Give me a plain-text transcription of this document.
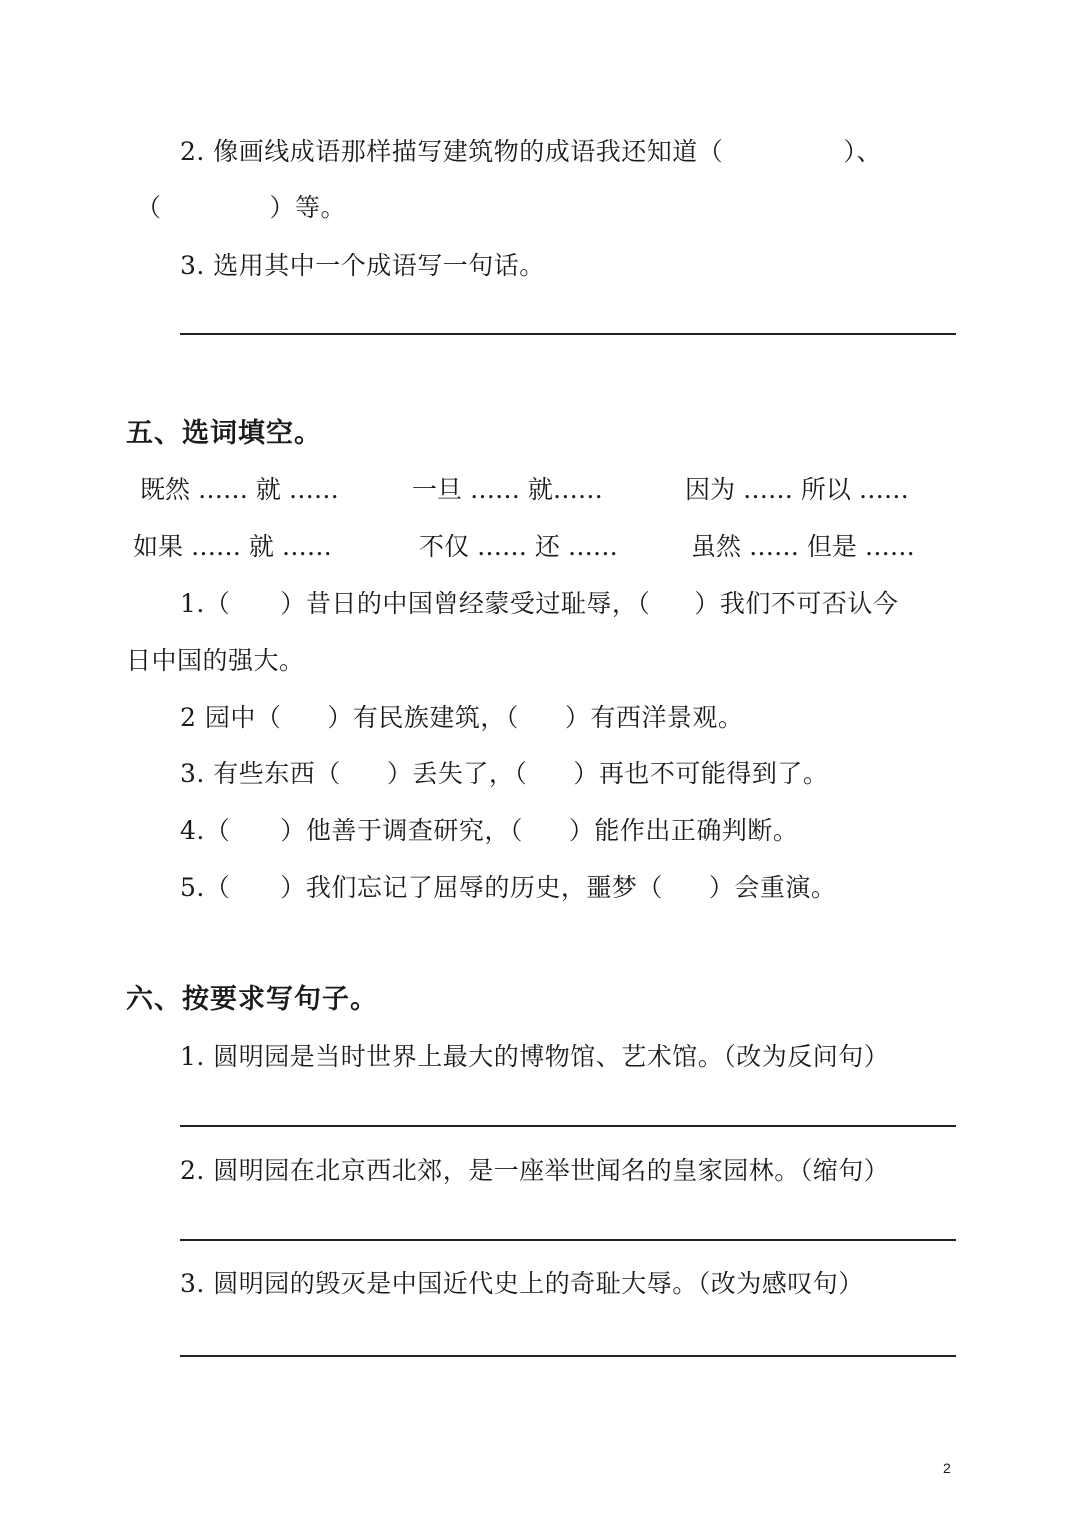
2. 像画线成语那样描写建筑物的成语我还知道（	）、
（	）等。
3. 选用其中一个成语写一句话。
五、选词填空。
既然 …… 就 ……	一旦 …… 就……	因为 …… 所以 ……
如果 …… 就 ……	不仅 …… 还 ……	虽然 …… 但是 ……
1.（ ）昔日的中国曾经蒙受过耻辱，（ ）我们不可否认今
日中国的强大。
2 园中（ ）有民族建筑，（ ）有西洋景观。
3. 有些东西（ ）丢失了，（ ）再也不可能得到了。
4.（ ）他善于调查研究，（ ）能作出正确判断。
5.（ ）我们忘记了屈辱的历史，噩梦（ ）会重演。
六、按要求写句子。
1. 圆明园是当时世界上最大的博物馆、艺术馆。（改为反问句）
2. 圆明园在北京西北郊，是一座举世闻名的皇家园林。（缩句）
3. 圆明园的毁灭是中国近代史上的奇耻大辱。（改为感叹句）
2
